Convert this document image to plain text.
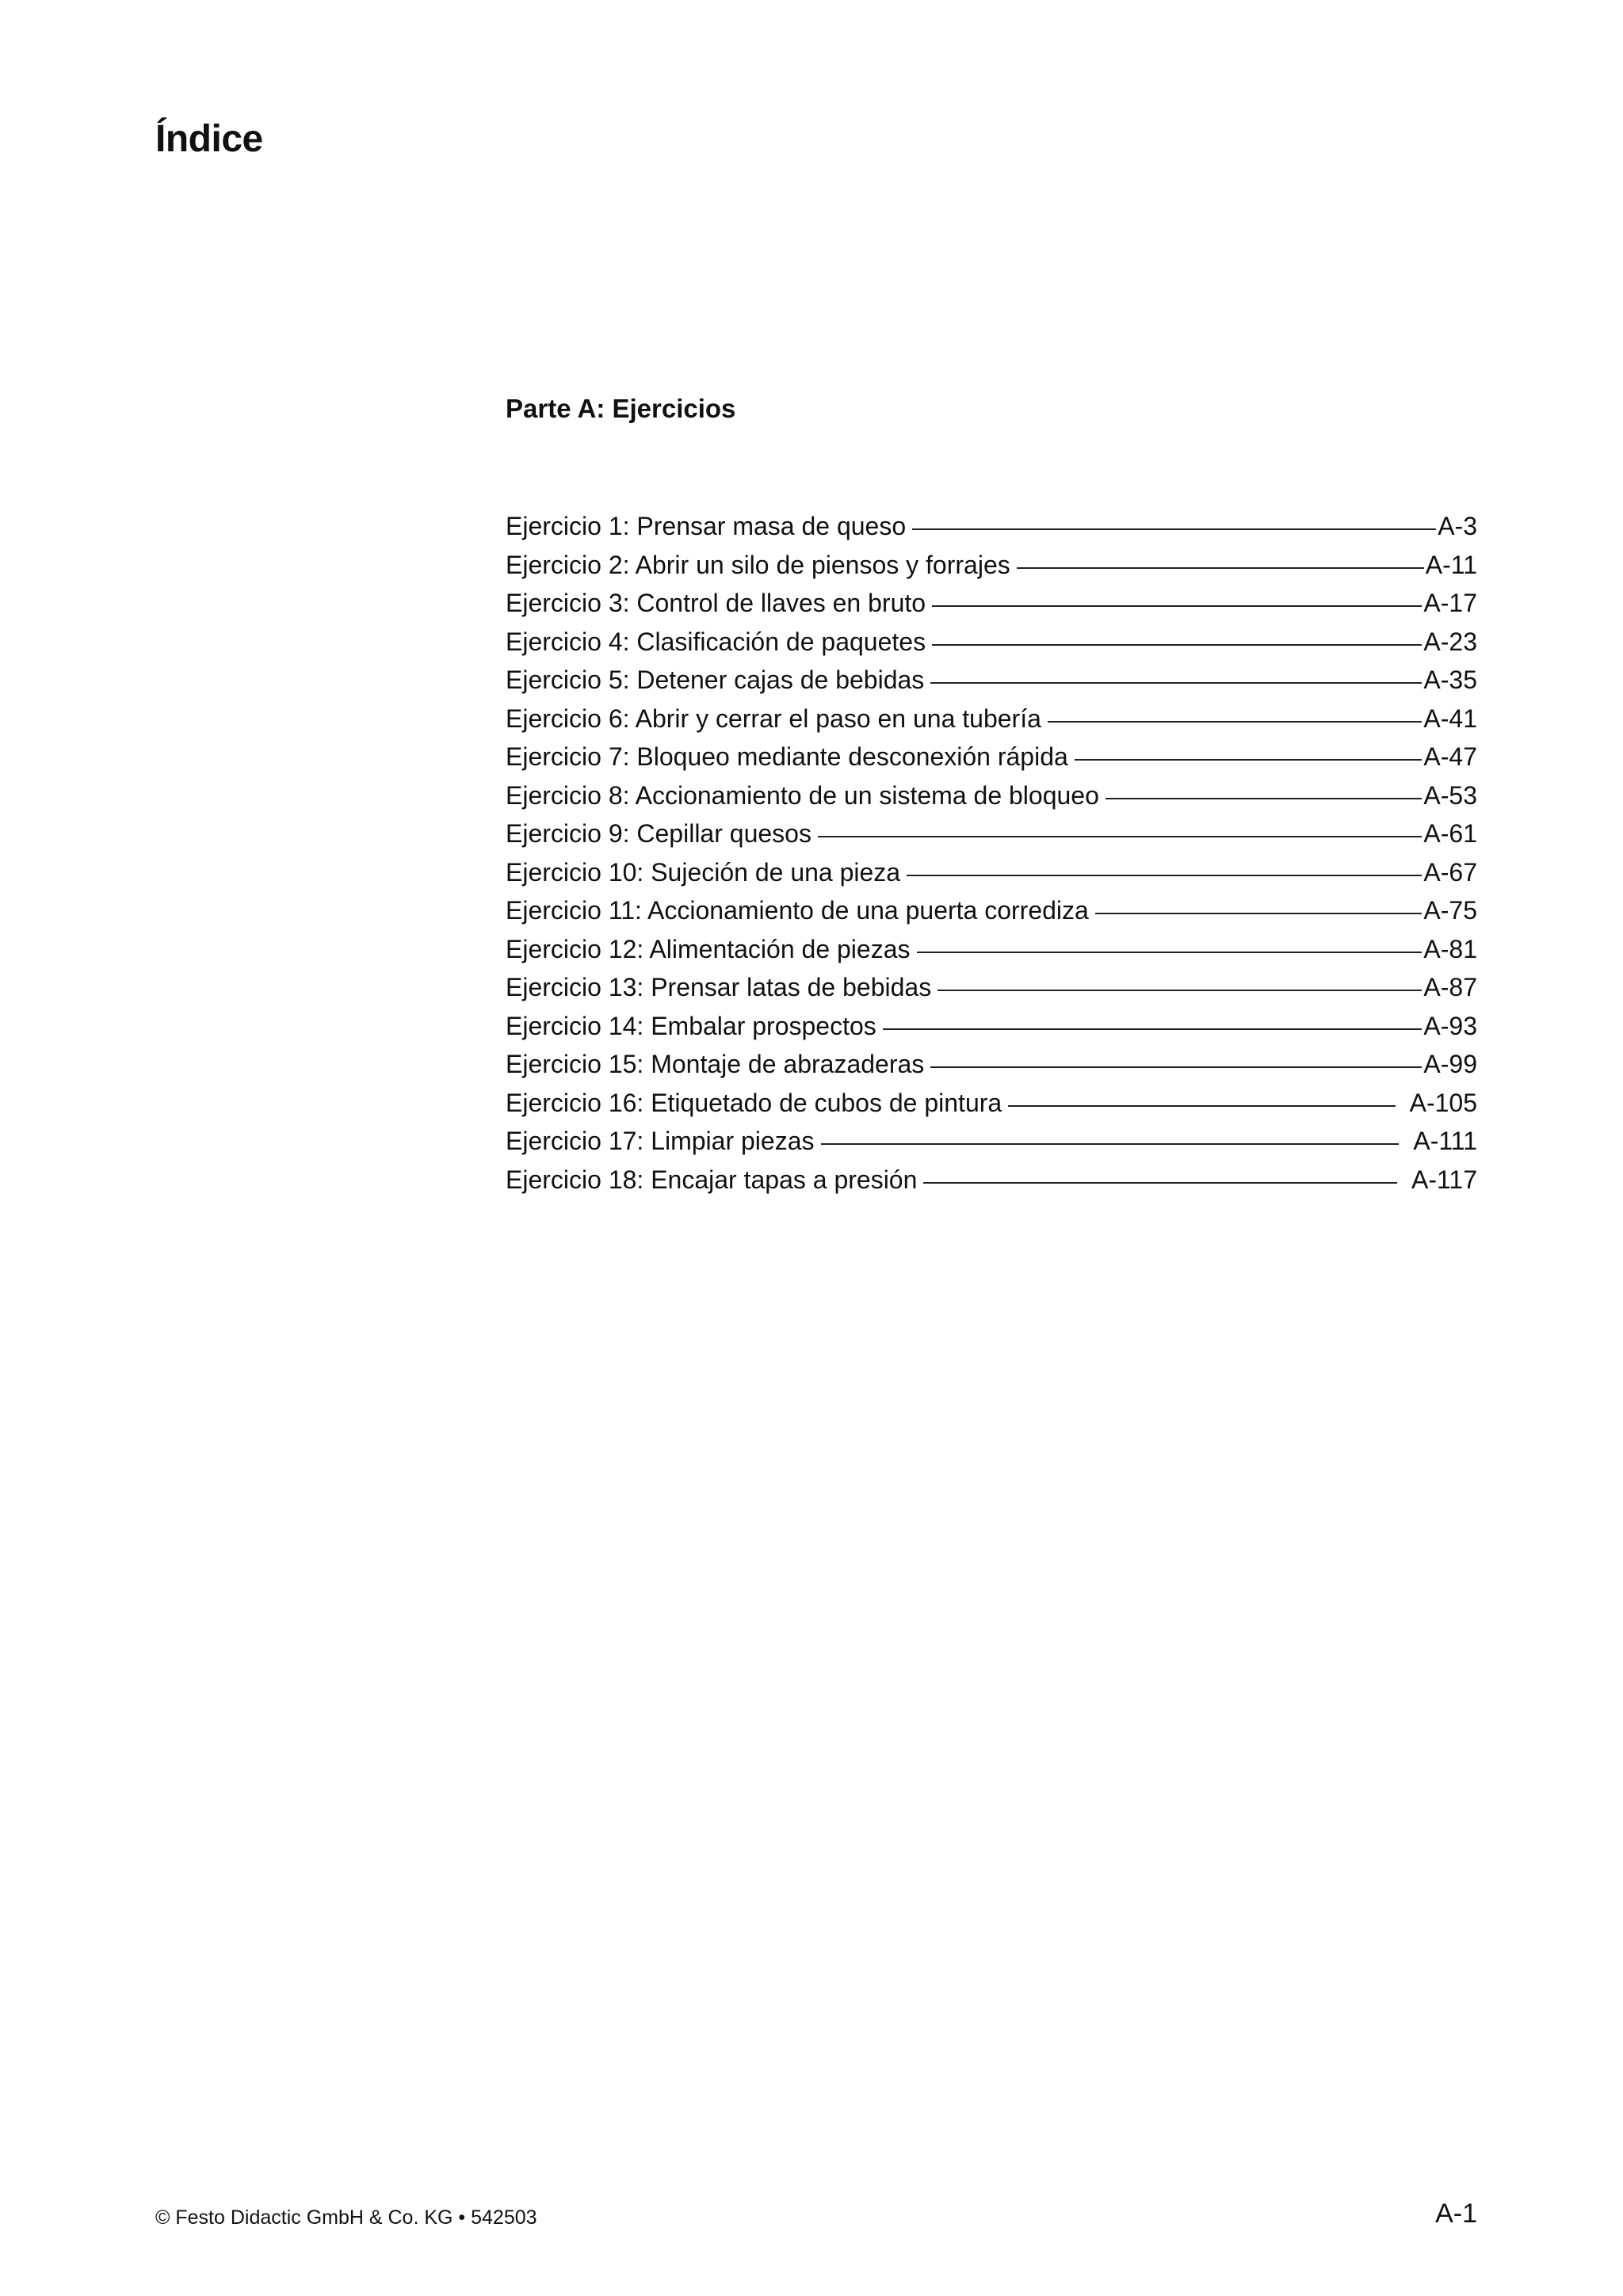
Índice
Parte A: Ejercicios
Ejercicio 1: Prensar masa de queso	A-3
Ejercicio 2: Abrir un silo de piensos y forrajes	A-11
Ejercicio 3: Control de llaves en bruto	A-17
Ejercicio 4: Clasificación de paquetes	A-23
Ejercicio 5: Detener cajas de bebidas	A-35
Ejercicio 6: Abrir y cerrar el paso en una tubería	A-41
Ejercicio 7: Bloqueo mediante desconexión rápida	A-47
Ejercicio 8: Accionamiento de un sistema de bloqueo	A-53
Ejercicio 9: Cepillar quesos	A-61
Ejercicio 10: Sujeción de una pieza	A-67
Ejercicio 11: Accionamiento de una puerta corrediza	A-75
Ejercicio 12: Alimentación de piezas	A-81
Ejercicio 13: Prensar latas de bebidas	A-87
Ejercicio 14: Embalar prospectos	A-93
Ejercicio 15: Montaje de abrazaderas	A-99
Ejercicio 16: Etiquetado de cubos de pintura	A-105
Ejercicio 17: Limpiar piezas	A-111
Ejercicio 18: Encajar tapas a presión	A-117

© Festo Didactic GmbH & Co. KG • 542503	A-1
